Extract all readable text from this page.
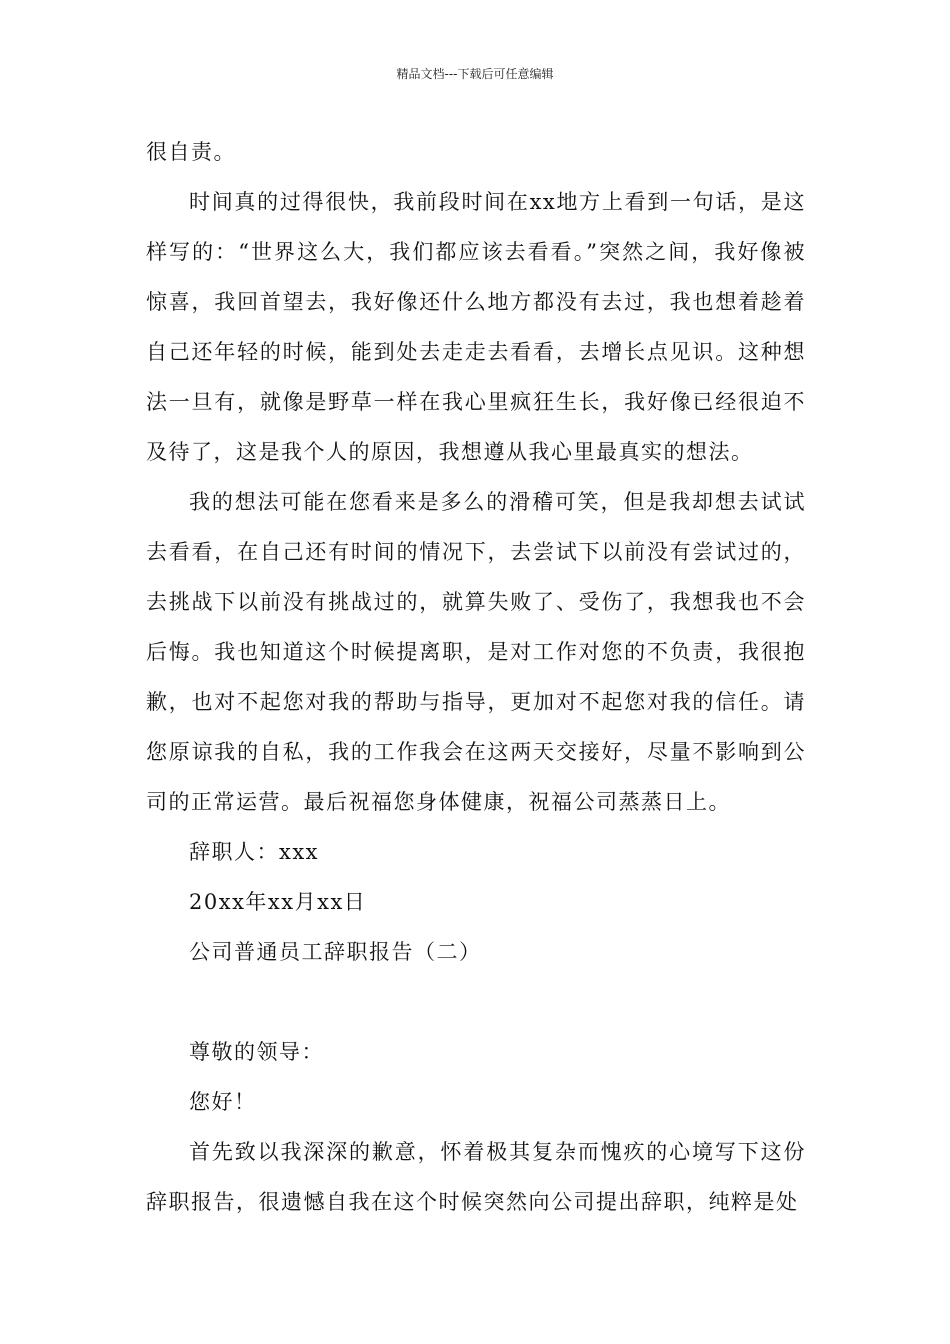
精品文档---下载后可任意编辑

很自责。

时间真的过得很快，我前段时间在xx地方上看到一句话，是这样写的：“世界这么大，我们都应该去看看。”突然之间，我好像被惊喜，我回首望去，我好像还什么地方都没有去过，我也想着趁着自己还年轻的时候，能到处去走走去看看，去增长点见识。这种想法一旦有，就像是野草一样在我心里疯狂生长，我好像已经很迫不及待了，这是我个人的原因，我想遵从我心里最真实的想法。

我的想法可能在您看来是多么的滑稽可笑，但是我却想去试试去看看，在自己还有时间的情况下，去尝试下以前没有尝试过的，去挑战下以前没有挑战过的，就算失败了、受伤了，我想我也不会后悔。我也知道这个时候提离职，是对工作对您的不负责，我很抱歉，也对不起您对我的帮助与指导，更加对不起您对我的信任。请您原谅我的自私，我的工作我会在这两天交接好，尽量不影响到公司的正常运营。最后祝福您身体健康，祝福公司蒸蒸日上。

辞职人：xxx

20xx年xx月xx日

公司普通员工辞职报告（二）

尊敬的领导：

您好！

首先致以我深深的歉意，怀着极其复杂而愧疚的心境写下这份辞职报告，很遗憾自我在这个时候突然向公司提出辞职，纯粹是处
